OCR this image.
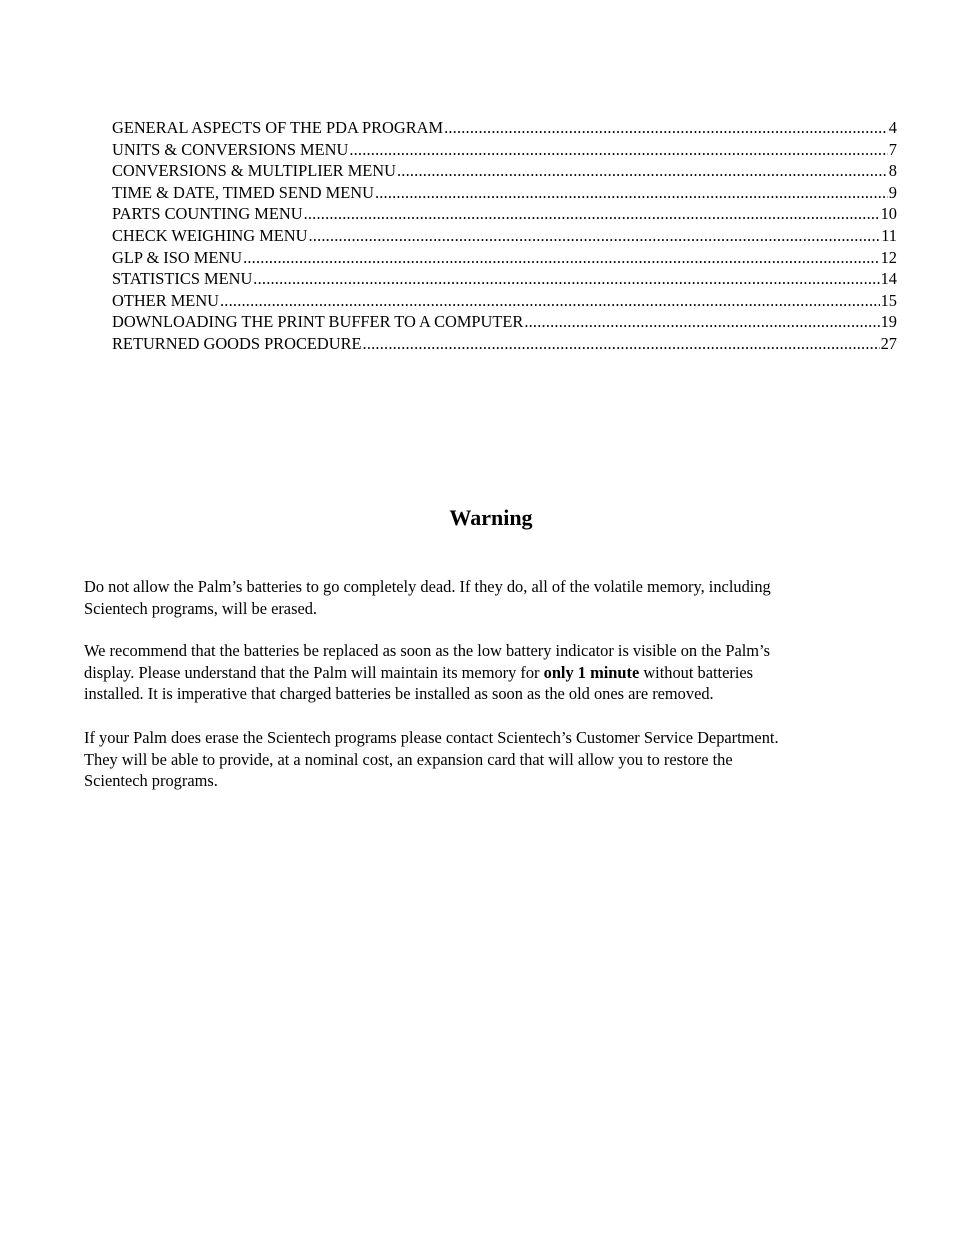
GENERAL ASPECTS OF THE PDA PROGRAM .....	4
UNITS & CONVERSIONS MENU .....	7
CONVERSIONS & MULTIPLIER MENU .....	8
TIME & DATE, TIMED SEND MENU .....	9
PARTS COUNTING MENU .....	10
CHECK WEIGHING MENU .....	11
GLP & ISO MENU .....	12
STATISTICS MENU .....	14
OTHER MENU .....	15
DOWNLOADING THE PRINT BUFFER TO A COMPUTER .....	19
RETURNED GOODS PROCEDURE .....	27
Warning

Do not allow the Palm’s batteries to go completely dead. If they do, all of the volatile memory, including
Scientech programs, will be erased.

We recommend that the batteries be replaced as soon as the low battery indicator is visible on the Palm’s
display. Please understand that the Palm will maintain its memory for only 1 minute without batteries
installed. It is imperative that charged batteries be installed as soon as the old ones are removed.

If your Palm does erase the Scientech programs please contact Scientech’s Customer Service Department.
They will be able to provide, at a nominal cost, an expansion card that will allow you to restore the
Scientech programs.
